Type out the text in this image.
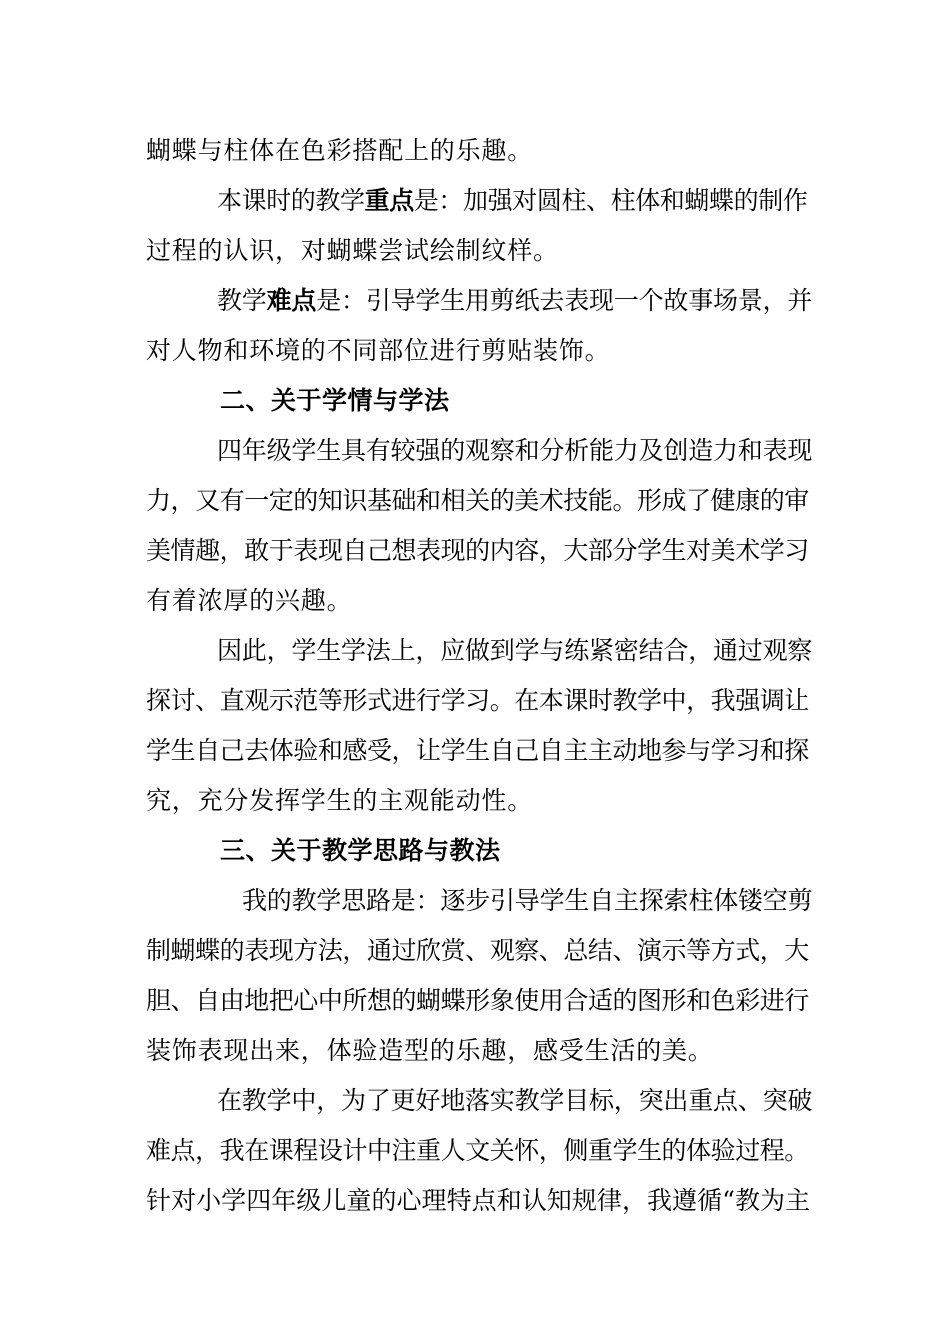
蝴蝶与柱体在色彩搭配上的乐趣。
本课时的教学重点是：加强对圆柱、柱体和蝴蝶的制作
过程的认识，对蝴蝶尝试绘制纹样。
教学难点是：引导学生用剪纸去表现一个故事场景，并
对人物和环境的不同部位进行剪贴装饰。
二、关于学情与学法
四年级学生具有较强的观察和分析能力及创造力和表现
力，又有一定的知识基础和相关的美术技能。形成了健康的审
美情趣，敢于表现自己想表现的内容，大部分学生对美术学习
有着浓厚的兴趣。
因此，学生学法上，应做到学与练紧密结合，通过观察
探讨、直观示范等形式进行学习。在本课时教学中，我强调让
学生自己去体验和感受，让学生自己自主主动地参与学习和探
究，充分发挥学生的主观能动性。
三、关于教学思路与教法
我的教学思路是：逐步引导学生自主探索柱体镂空剪
制蝴蝶的表现方法，通过欣赏、观察、总结、演示等方式，大
胆、自由地把心中所想的蝴蝶形象使用合适的图形和色彩进行
装饰表现出来，体验造型的乐趣，感受生活的美。
在教学中，为了更好地落实教学目标，突出重点、突破
难点，我在课程设计中注重人文关怀，侧重学生的体验过程。
针对小学四年级儿童的心理特点和认知规律，我遵循“教为主
